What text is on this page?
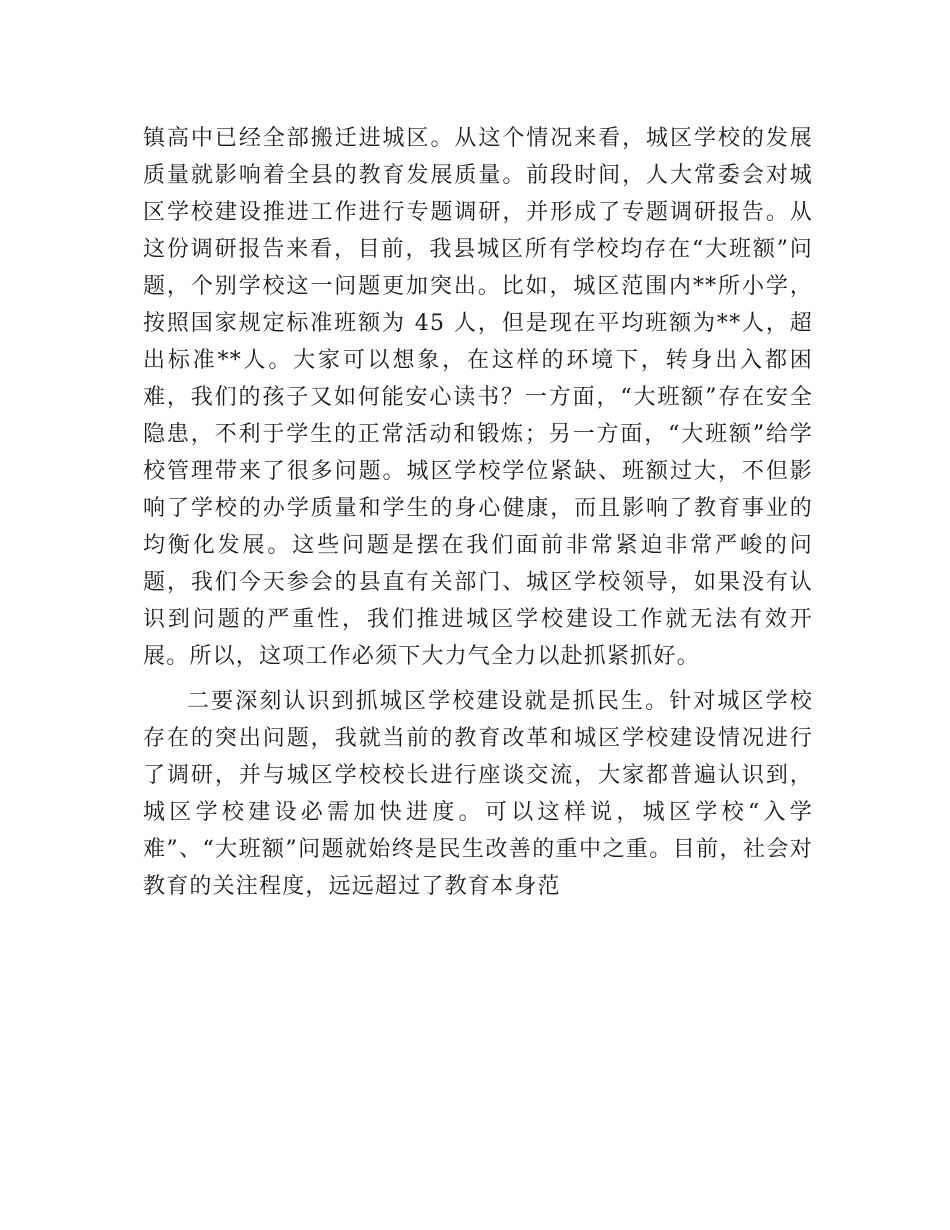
镇高中已经全部搬迁进城区。从这个情况来看，城区学校的发展质量就影响着全县的教育发展质量。前段时间，人大常委会对城区学校建设推进工作进行专题调研，并形成了专题调研报告。从这份调研报告来看，目前，我县城区所有学校均存在“大班额”问题，个别学校这一问题更加突出。比如，城区范围内**所小学，按照国家规定标准班额为 45 人，但是现在平均班额为**人，超出标准**人。大家可以想象，在这样的环境下，转身出入都困难，我们的孩子又如何能安心读书？一方面，“大班额”存在安全隐患，不利于学生的正常活动和锻炼；另一方面，“大班额”给学校管理带来了很多问题。城区学校学位紧缺、班额过大，不但影响了学校的办学质量和学生的身心健康，而且影响了教育事业的均衡化发展。这些问题是摆在我们面前非常紧迫非常严峻的问题，我们今天参会的县直有关部门、城区学校领导，如果没有认识到问题的严重性，我们推进城区学校建设工作就无法有效开展。所以，这项工作必须下大力气全力以赴抓紧抓好。

二要深刻认识到抓城区学校建设就是抓民生。针对城区学校存在的突出问题，我就当前的教育改革和城区学校建设情况进行了调研，并与城区学校校长进行座谈交流，大家都普遍认识到，城区学校建设必需加快进度。可以这样说，城区学校“入学难”、“大班额”问题就始终是民生改善的重中之重。目前，社会对教育的关注程度，远远超过了教育本身范
